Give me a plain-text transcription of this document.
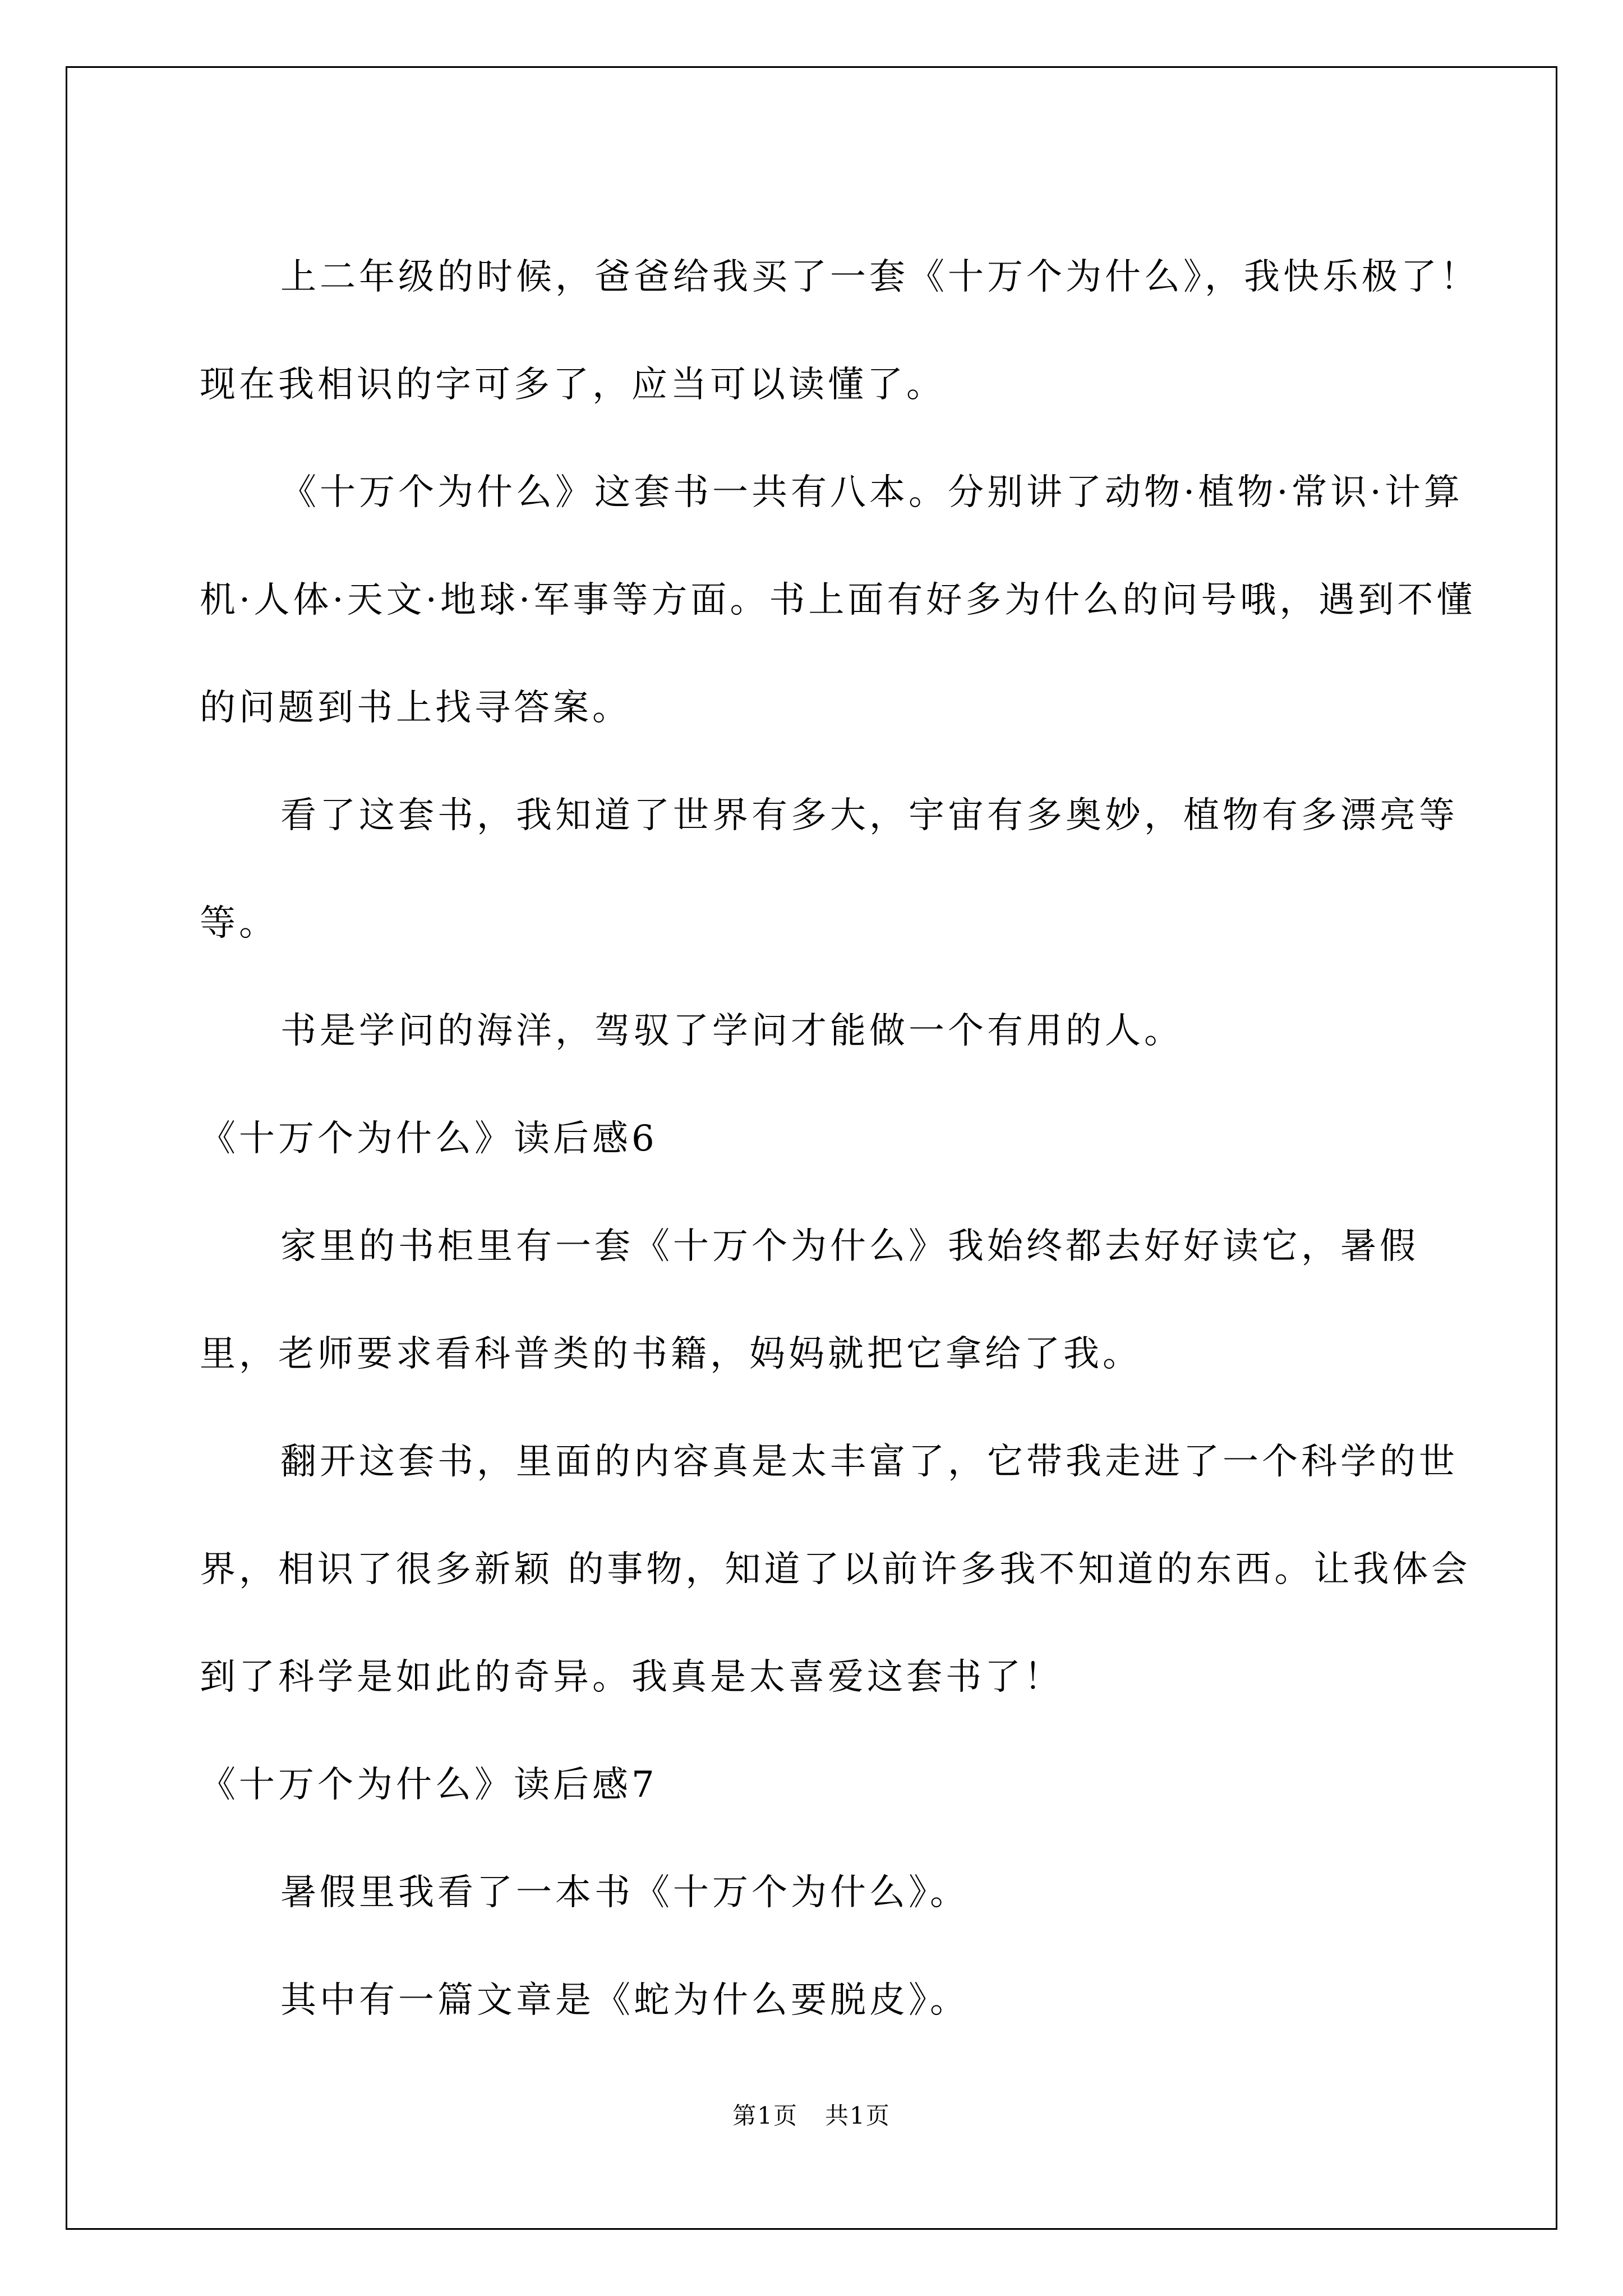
上二年级的时候，爸爸给我买了一套《十万个为什么》，我快乐极了！现在我相识的字可多了，应当可以读懂了。

《十万个为什么》这套书一共有八本。分别讲了动物·植物·常识·计算机·人体·天文·地球·军事等方面。书上面有好多为什么的问号哦，遇到不懂的问题到书上找寻答案。

看了这套书，我知道了世界有多大，宇宙有多奥妙，植物有多漂亮等等。

书是学问的海洋，驾驭了学问才能做一个有用的人。

《十万个为什么》读后感6

家里的书柜里有一套《十万个为什么》我始终都去好好读它，暑假里，老师要求看科普类的书籍，妈妈就把它拿给了我。

翻开这套书，里面的内容真是太丰富了，它带我走进了一个科学的世界，相识了很多新颖 的事物，知道了以前许多我不知道的东西。让我体会到了科学是如此的奇异。我真是太喜爱这套书了！

《十万个为什么》读后感7

暑假里我看了一本书《十万个为什么》。

其中有一篇文章是《蛇为什么要脱皮》。

第1页 共1页
